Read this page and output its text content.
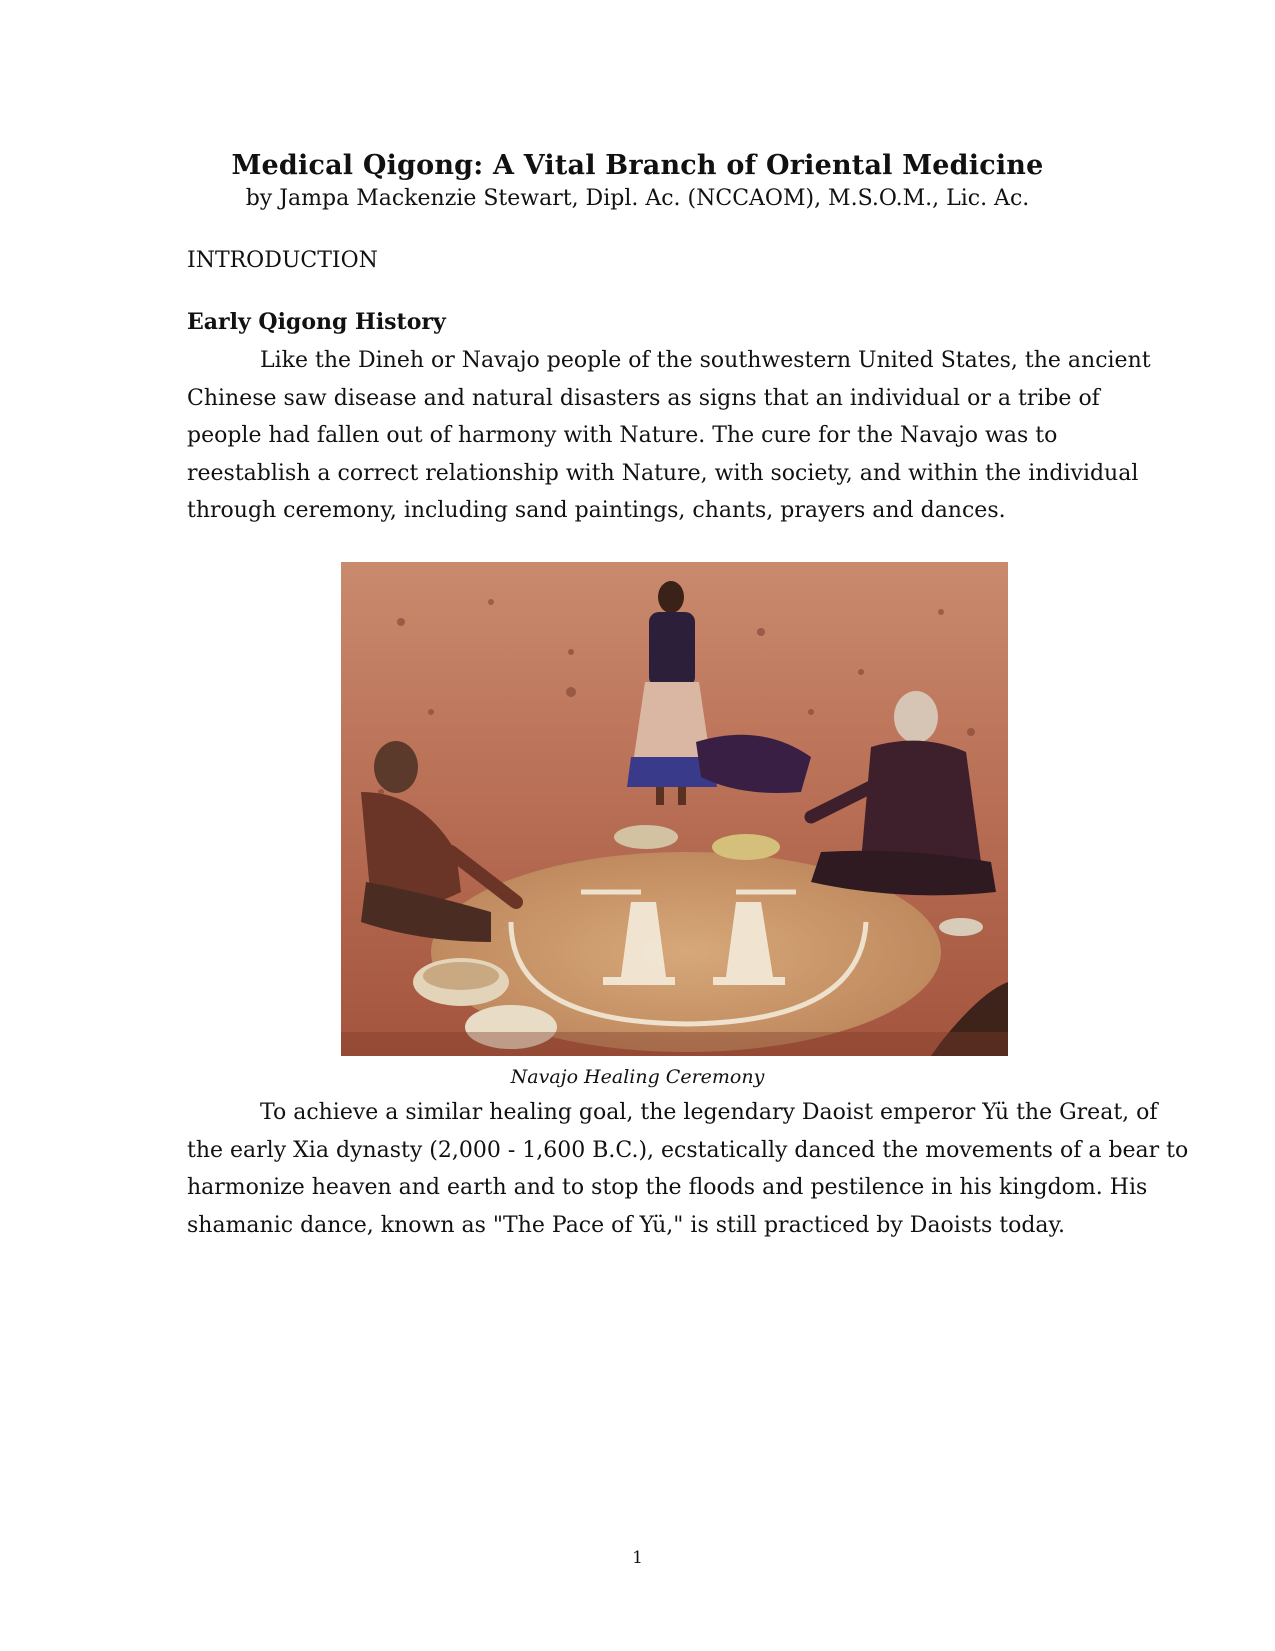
Medical Qigong: A Vital Branch of Oriental Medicine
by Jampa Mackenzie Stewart, Dipl. Ac. (NCCAOM), M.S.O.M., Lic. Ac.
INTRODUCTION
Early Qigong History
Like the Dineh or Navajo people of the southwestern United States, the ancient
Chinese saw disease and natural disasters as signs that an individual or a tribe of
people had fallen out of harmony with Nature. The cure for the Navajo was to
reestablish a correct relationship with Nature, with society, and within the individual
through ceremony, including sand paintings, chants, prayers and dances.
Navajo Healing Ceremony
To achieve a similar healing goal, the legendary Daoist emperor Yü the Great, of
the early Xia dynasty (2,000 - 1,600 B.C.), ecstatically danced the movements of a bear to
harmonize heaven and earth and to stop the floods and pestilence in his kingdom. His
shamanic dance, known as "The Pace of Yü," is still practiced by Daoists today.
1
